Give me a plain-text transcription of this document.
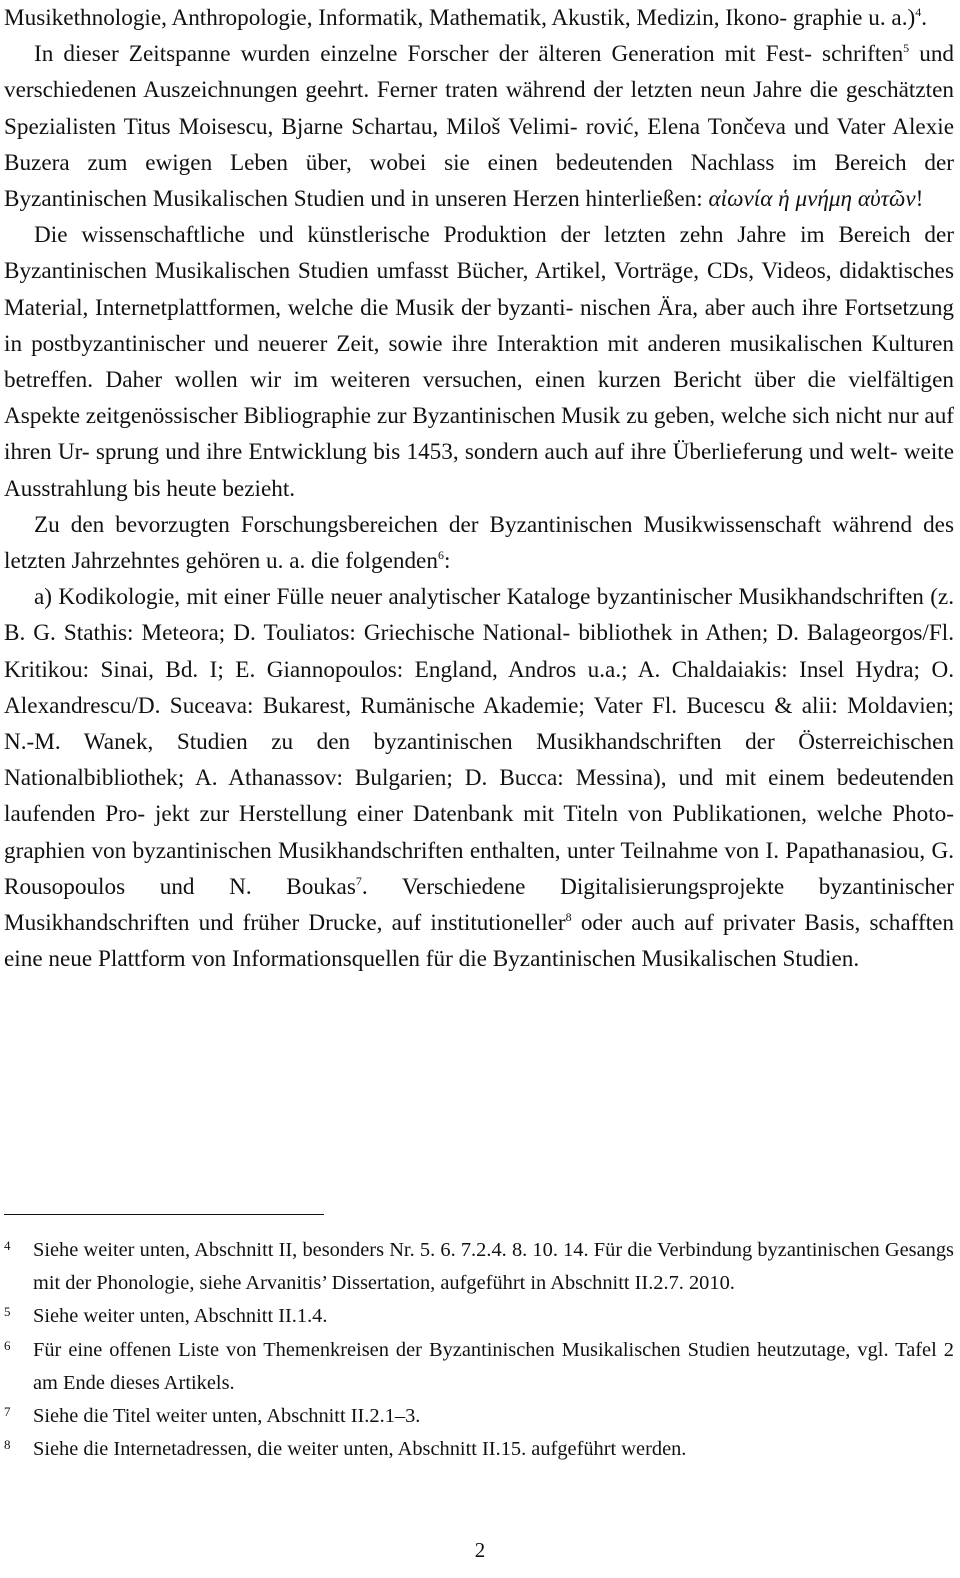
Musikethnologie, Anthropologie, Informatik, Mathematik, Akustik, Medizin, Ikono- graphie u. a.)$^4$.

In dieser Zeitspanne wurden einzelne Forscher der älteren Generation mit Fest- schriften$^5$ und verschiedenen Auszeichnungen geehrt. Ferner traten während der letzten neun Jahre die geschätzten Spezialisten Titus Moisescu, Bjarne Schartau, Miloš Velimi- rović, Elena Tončeva und Vater Alexie Buzera zum ewigen Leben über, wobei sie einen bedeutenden Nachlass im Bereich der Byzantinischen Musikalischen Studien und in unseren Herzen hinterließen: αἰωνία ἡ μνήμη αὐτῶν!

Die wissenschaftliche und künstlerische Produktion der letzten zehn Jahre im Bereich der Byzantinischen Musikalischen Studien umfasst Bücher, Artikel, Vorträge, CDs, Videos, didaktisches Material, Internetplattformen, welche die Musik der byzanti- nischen Ära, aber auch ihre Fortsetzung in postbyzantinischer und neuerer Zeit, sowie ihre Interaktion mit anderen musikalischen Kulturen betreffen. Daher wollen wir im weiteren versuchen, einen kurzen Bericht über die vielfältigen Aspekte zeitgenössischer Bibliographie zur Byzantinischen Musik zu geben, welche sich nicht nur auf ihren Ur- sprung und ihre Entwicklung bis 1453, sondern auch auf ihre Überlieferung und welt- weite Ausstrahlung bis heute bezieht.

Zu den bevorzugten Forschungsbereichen der Byzantinischen Musikwissenschaft während des letzten Jahrzehntes gehören u. a. die folgenden$^6$:

a) Kodikologie, mit einer Fülle neuer analytischer Kataloge byzantinischer Musikhandschriften (z. B. G. Stathis: Meteora; D. Touliatos: Griechische National- bibliothek in Athen; D. Balageorgos/Fl. Kritikou: Sinai, Bd. I; E. Giannopoulos: England, Andros u.a.; A. Chaldaiakis: Insel Hydra; O. Alexandrescu/D. Suceava: Bukarest, Rumänische Akademie; Vater Fl. Bucescu & alii: Moldavien; N.-M. Wanek, Studien zu den byzantinischen Musikhandschriften der Österreichischen Nationalbibliothek; A. Athanassov: Bulgarien; D. Bucca: Messina), und mit einem bedeutenden laufenden Pro- jekt zur Herstellung einer Datenbank mit Titeln von Publikationen, welche Photo- graphien von byzantinischen Musikhandschriften enthalten, unter Teilnahme von I. Papathanasiou, G. Rousopoulos und N. Boukas$^7$. Verschiedene Digitalisierungsprojekte byzantinischer Musikhandschriften und früher Drucke, auf institutioneller$^8$ oder auch auf privater Basis, schafften eine neue Plattform von Informationsquellen für die Byzantinischen Musikalischen Studien.

4	Siehe weiter unten, Abschnitt II, besonders Nr. 5. 6. 7.2.4. 8. 10. 14. Für die Verbindung byzantinischen Gesangs mit der Phonologie, siehe Arvanitis’ Dissertation, aufgeführt in Abschnitt II.2.7. 2010.
5	Siehe weiter unten, Abschnitt II.1.4.
6	Für eine offenen Liste von Themenkreisen der Byzantinischen Musikalischen Studien heutzutage, vgl. Tafel 2 am Ende dieses Artikels.
7	Siehe die Titel weiter unten, Abschnitt II.2.1–3.
8	Siehe die Internetadressen, die weiter unten, Abschnitt II.15. aufgeführt werden.
2
